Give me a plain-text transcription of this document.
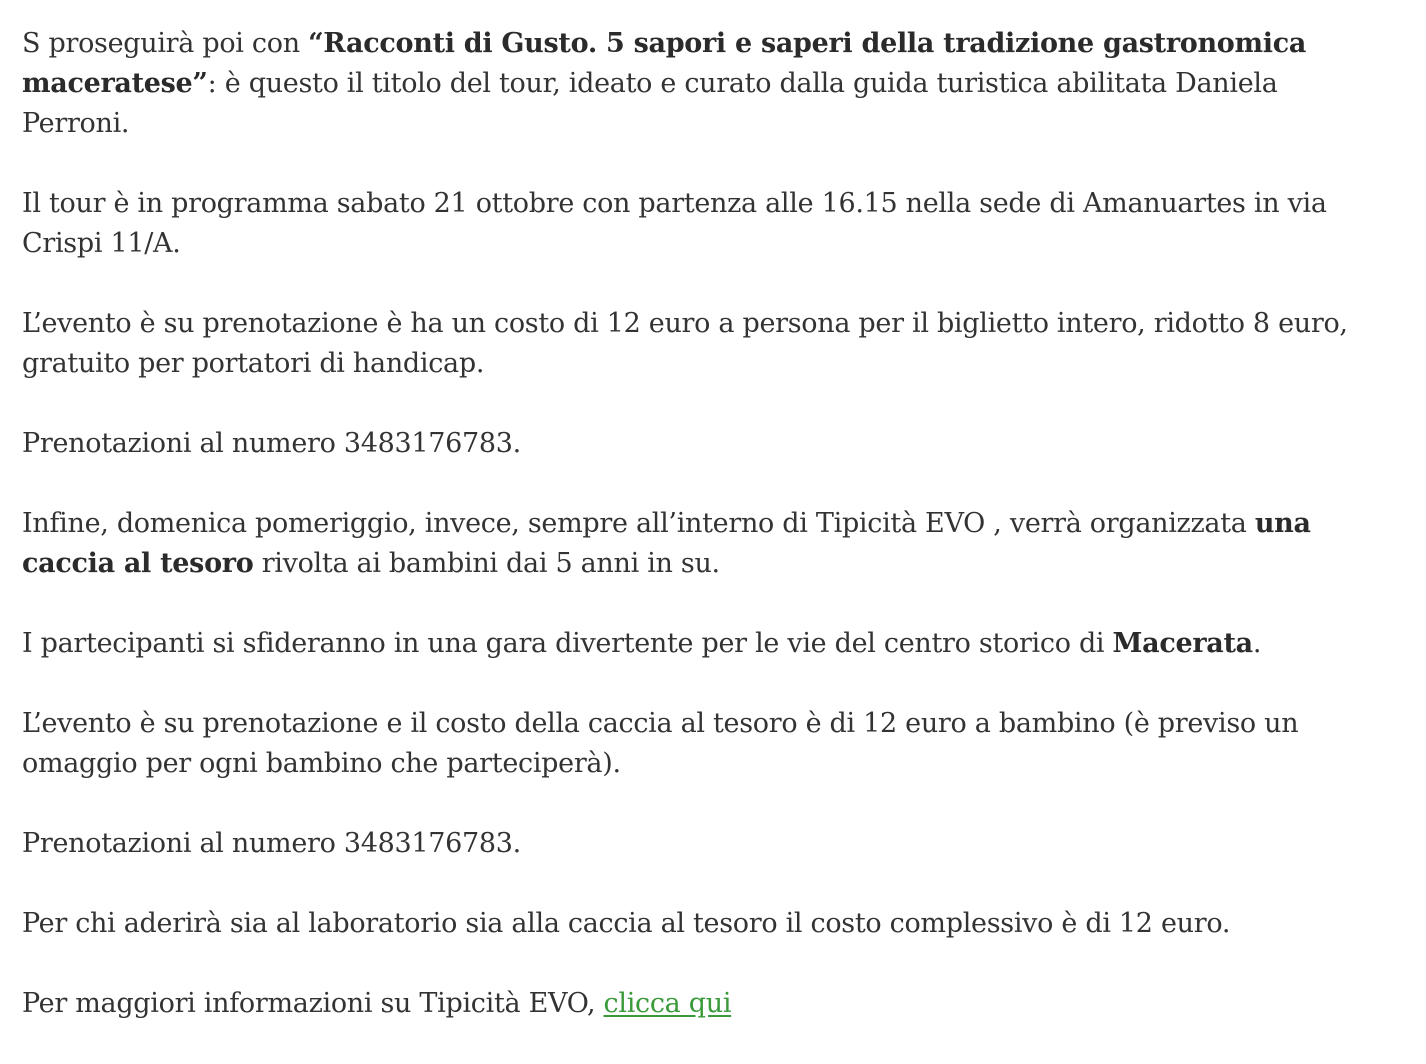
S proseguirà poi con “Racconti di Gusto. 5 sapori e saperi della tradizione gastronomica maceratese”: è questo il titolo del tour, ideato e curato dalla guida turistica abilitata Daniela Perroni.

Il tour è in programma sabato 21 ottobre con partenza alle 16.15 nella sede di Amanuartes in via Crispi 11/A.

L’evento è su prenotazione è ha un costo di 12 euro a persona per il biglietto intero, ridotto 8 euro, gratuito per portatori di handicap.

Prenotazioni al numero 3483176783.

Infine, domenica pomeriggio, invece, sempre all’interno di Tipicità EVO , verrà organizzata una caccia al tesoro rivolta ai bambini dai 5 anni in su.

I partecipanti si sfideranno in una gara divertente per le vie del centro storico di Macerata.

L’evento è su prenotazione e il costo della caccia al tesoro è di 12 euro a bambino (è previso un omaggio per ogni bambino che parteciperà).

Prenotazioni al numero 3483176783.

Per chi aderirà sia al laboratorio sia alla caccia al tesoro il costo complessivo è di 12 euro.

Per maggiori informazioni su Tipicità EVO, clicca qui
